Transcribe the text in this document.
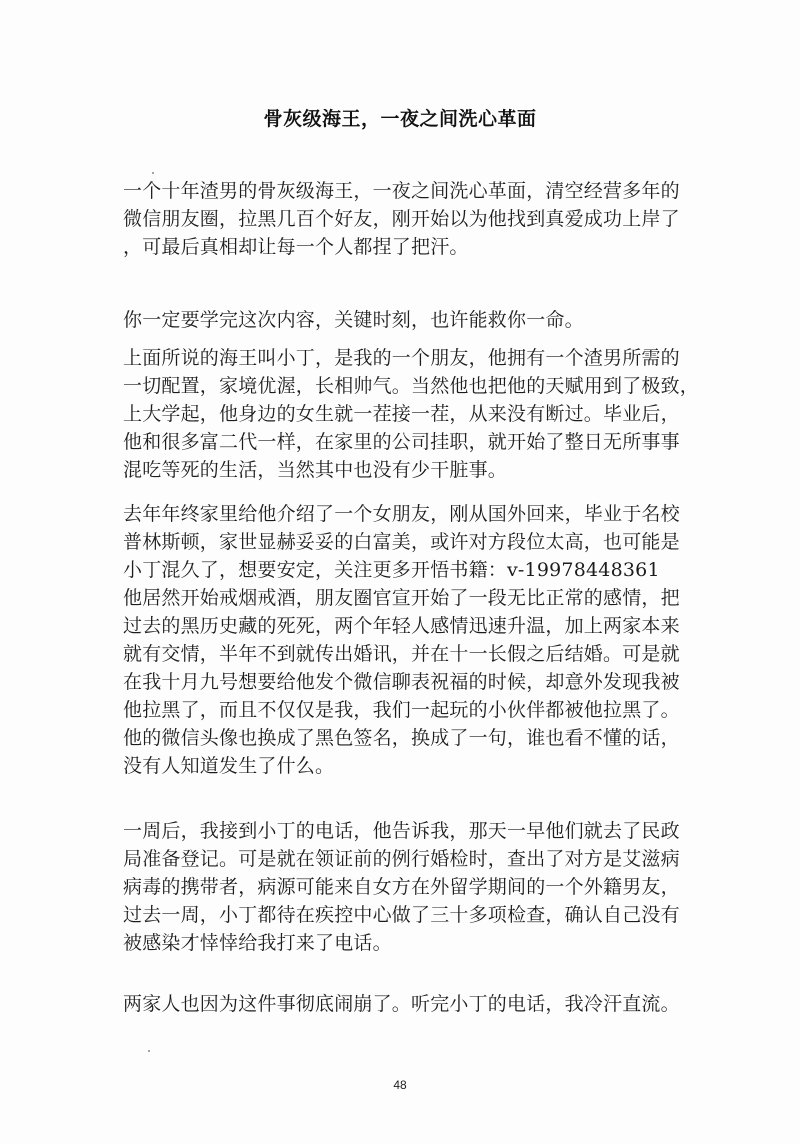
骨灰级海王，一夜之间洗心革面
一个十年渣男的骨灰级海王，一夜之间洗心革面，清空经营多年的
微信朋友圈，拉黑几百个好友，刚开始以为他找到真爱成功上岸了
，可最后真相却让每一个人都捏了把汗。
你一定要学完这次内容，关键时刻，也许能救你一命。
上面所说的海王叫小丁，是我的一个朋友，他拥有一个渣男所需的
一切配置，家境优渥，长相帅气。当然他也把他的天赋用到了极致，
上大学起，他身边的女生就一茬接一茬，从来没有断过。毕业后，
他和很多富二代一样，在家里的公司挂职，就开始了整日无所事事
混吃等死的生活，当然其中也没有少干脏事。
去年年终家里给他介绍了一个女朋友，刚从国外回来，毕业于名校
普林斯顿，家世显赫妥妥的白富美，或许对方段位太高，也可能是
小丁混久了，想要安定，关注更多开悟书籍：v-19978448361
他居然开始戒烟戒酒，朋友圈官宣开始了一段无比正常的感情，把
过去的黑历史藏的死死，两个年轻人感情迅速升温，加上两家本来
就有交情，半年不到就传出婚讯，并在十一长假之后结婚。可是就
在我十月九号想要给他发个微信聊表祝福的时候，却意外发现我被
他拉黑了，而且不仅仅是我，我们一起玩的小伙伴都被他拉黑了。
他的微信头像也换成了黑色签名，换成了一句，谁也看不懂的话，
没有人知道发生了什么。
一周后，我接到小丁的电话，他告诉我，那天一早他们就去了民政
局准备登记。可是就在领证前的例行婚检时，查出了对方是艾滋病
病毒的携带者，病源可能来自女方在外留学期间的一个外籍男友，
过去一周，小丁都待在疾控中心做了三十多项检查，确认自己没有
被感染才悻悻给我打来了电话。
两家人也因为这件事彻底闹崩了。听完小丁的电话，我冷汗直流。
48
